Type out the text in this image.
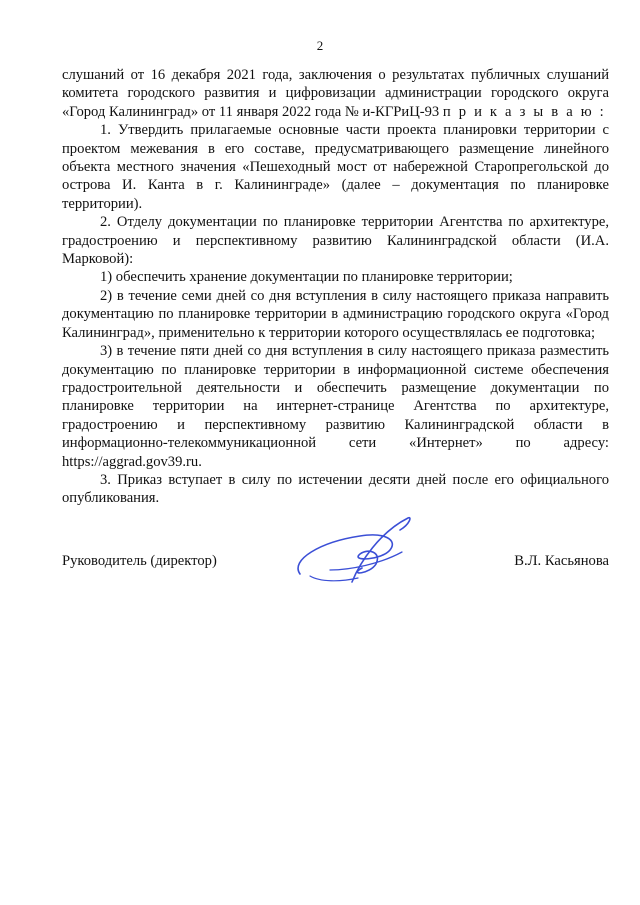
2

слушаний от 16 декабря 2021 года, заключения о результатах публичных слушаний комитета городского развития и цифровизации администрации городского округа «Город Калининград» от 11 января 2022 года № и-КГРиЦ-93 п р и к а з ы в а ю :

1. Утвердить прилагаемые основные части проекта планировки территории с проектом межевания в его составе, предусматривающего размещение линейного объекта местного значения «Пешеходный мост от набережной Старопрегольской до острова И. Канта в г. Калининграде» (далее – документация по планировке территории).

2. Отделу документации по планировке территории Агентства по архитектуре, градостроению и перспективному развитию Калининградской области (И.А. Марковой):

1) обеспечить хранение документации по планировке территории;

2) в течение семи дней со дня вступления в силу настоящего приказа направить документацию по планировке территории в администрацию городского округа «Город Калининград», применительно к территории которого осуществлялась ее подготовка;

3) в течение пяти дней со дня вступления в силу настоящего приказа разместить документацию по планировке территории в информационной системе обеспечения градостроительной деятельности и обеспечить размещение документации по планировке территории на интернет-странице Агентства по архитектуре, градостроению и перспективному развитию Калининградской области в информационно-телекоммуникационной сети «Интернет» по адресу: https://aggrad.gov39.ru.

3. Приказ вступает в силу по истечении десяти дней после его официального опубликования.

Руководитель (директор)	В.Л. Касьянова
